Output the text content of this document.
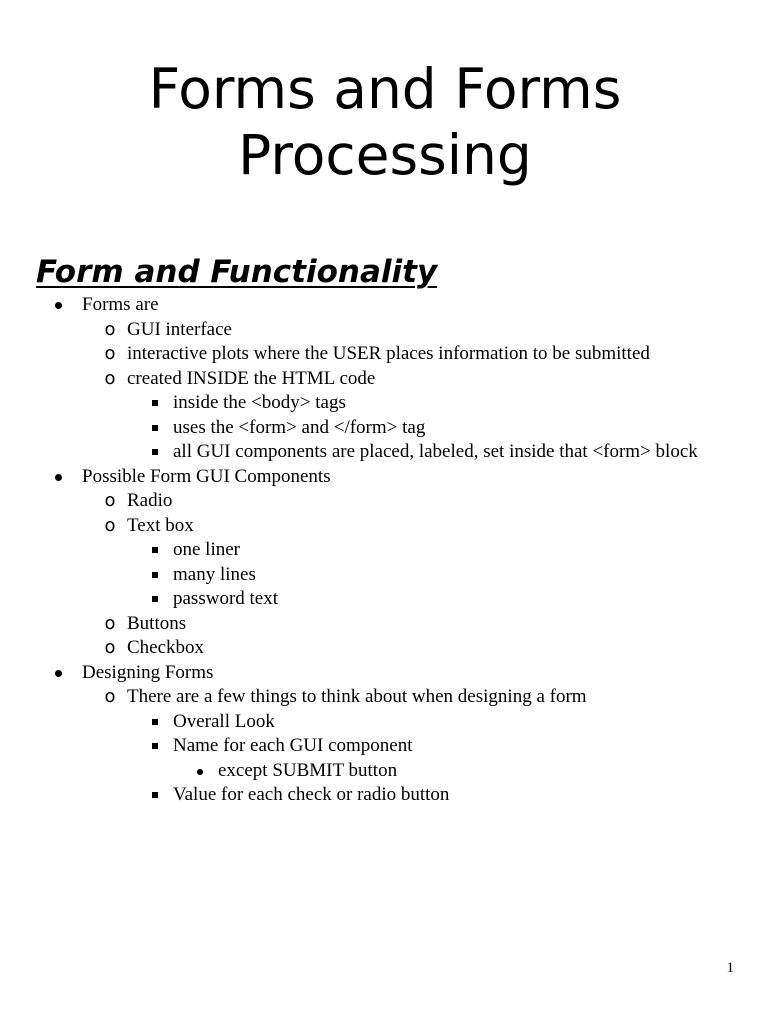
Forms and Forms
Processing
Form and Functionality
Forms are
o GUI interface
o interactive plots where the USER places information to be submitted
o created INSIDE the HTML code
inside the <body> tags
uses the <form> and </form> tag
all GUI components are placed, labeled, set inside that <form> block
Possible Form GUI Components
o Radio
o Text box
one liner
many lines
password text
o Buttons
o Checkbox
Designing Forms
o There are a few things to think about when designing a form
Overall Look
Name for each GUI component
except SUBMIT button
Value for each check or radio button
1
